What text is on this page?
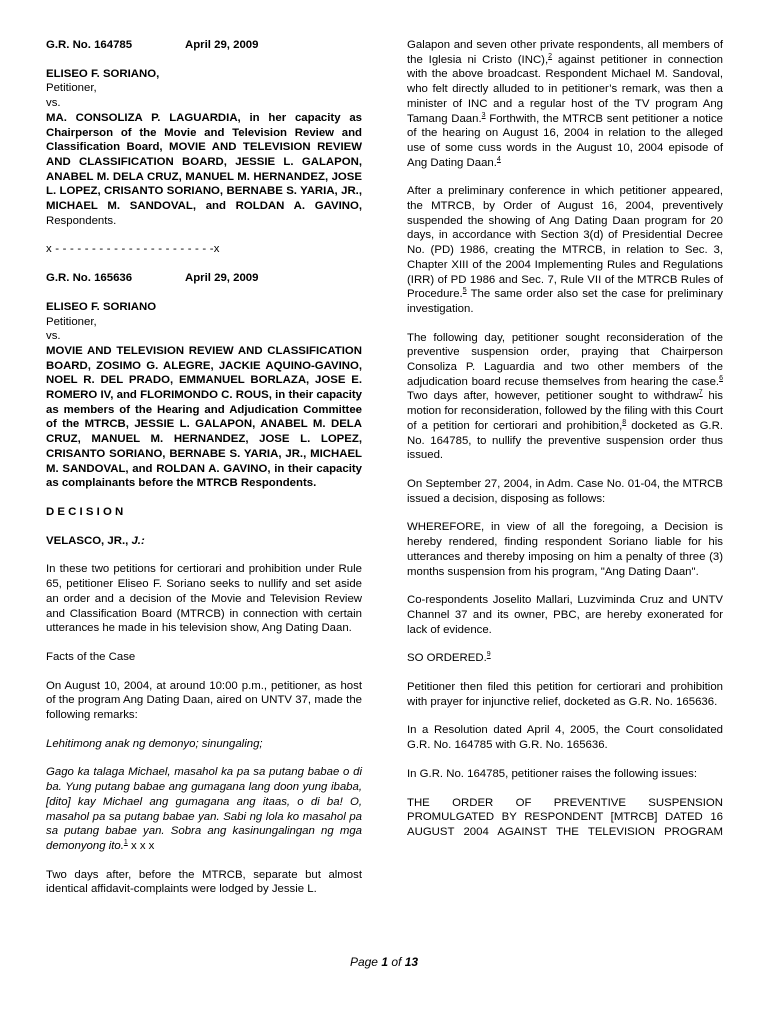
G.R. No. 164785	April 29, 2009

ELISEO F. SORIANO,

Petitioner,

vs.

MA. CONSOLIZA P. LAGUARDIA, in her capacity as Chairperson of the Movie and Television Review and Classification Board, MOVIE AND TELEVISION REVIEW AND CLASSIFICATION BOARD, JESSIE L. GALAPON, ANABEL M. DELA CRUZ, MANUEL M. HERNANDEZ, JOSE L. LOPEZ, CRISANTO SORIANO, BERNABE S. YARIA, JR., MICHAEL M. SANDOVAL, and ROLDAN A. GAVINO, Respondents.

x - - - - - - - - - - - - - - - - - - - - - -x

G.R. No. 165636	April 29, 2009

ELISEO F. SORIANO

Petitioner,

vs.

MOVIE AND TELEVISION REVIEW AND CLASSIFICATION BOARD, ZOSIMO G. ALEGRE, JACKIE AQUINO-GAVINO, NOEL R. DEL PRADO, EMMANUEL BORLAZA, JOSE E. ROMERO IV, and FLORIMONDO C. ROUS, in their capacity as members of the Hearing and Adjudication Committee of the MTRCB, JESSIE L. GALAPON, ANABEL M. DELA CRUZ, MANUEL M. HERNANDEZ, JOSE L. LOPEZ, CRISANTO SORIANO, BERNABE S. YARIA, JR., MICHAEL M. SANDOVAL, and ROLDAN A. GAVINO, in their capacity as complainants before the MTRCB Respondents.

D E C I S I O N

VELASCO, JR., J.:

In these two petitions for certiorari and prohibition under Rule 65, petitioner Eliseo F. Soriano seeks to nullify and set aside an order and a decision of the Movie and Television Review and Classification Board (MTRCB) in connection with certain utterances he made in his television show, Ang Dating Daan.

Facts of the Case

On August 10, 2004, at around 10:00 p.m., petitioner, as host of the program Ang Dating Daan, aired on UNTV 37, made the following remarks:

Lehitimong anak ng demonyo; sinungaling;

Gago ka talaga Michael, masahol ka pa sa putang babae o di ba. Yung putang babae ang gumagana lang doon yung ibaba, [dito] kay Michael ang gumagana ang itaas, o di ba! O, masahol pa sa putang babae yan. Sabi ng lola ko masahol pa sa putang babae yan. Sobra ang kasinungalingan ng mga demonyong ito.$^1$ x x x

Two days after, before the MTRCB, separate but almost identical affidavit-complaints were lodged by Jessie L.

Galapon and seven other private respondents, all members of the Iglesia ni Cristo (INC),$^2$ against petitioner in connection with the above broadcast. Respondent Michael M. Sandoval, who felt directly alluded to in petitioner’s remark, was then a minister of INC and a regular host of the TV program Ang Tamang Daan.$^3$ Forthwith, the MTRCB sent petitioner a notice of the hearing on August 16, 2004 in relation to the alleged use of some cuss words in the August 10, 2004 episode of Ang Dating Daan.$^4$

After a preliminary conference in which petitioner appeared, the MTRCB, by Order of August 16, 2004, preventively suspended the showing of Ang Dating Daan program for 20 days, in accordance with Section 3(d) of Presidential Decree No. (PD) 1986, creating the MTRCB, in relation to Sec. 3, Chapter XIII of the 2004 Implementing Rules and Regulations (IRR) of PD 1986 and Sec. 7, Rule VII of the MTRCB Rules of Procedure.$^5$ The same order also set the case for preliminary investigation.

The following day, petitioner sought reconsideration of the preventive suspension order, praying that Chairperson Consoliza P. Laguardia and two other members of the adjudication board recuse themselves from hearing the case.$^6$ Two days after, however, petitioner sought to withdraw$^7$ his motion for reconsideration, followed by the filing with this Court of a petition for certiorari and prohibition,$^8$ docketed as G.R. No. 164785, to nullify the preventive suspension order thus issued.

On September 27, 2004, in Adm. Case No. 01-04, the MTRCB issued a decision, disposing as follows:

WHEREFORE, in view of all the foregoing, a Decision is hereby rendered, finding respondent Soriano liable for his utterances and thereby imposing on him a penalty of three (3) months suspension from his program, "Ang Dating Daan".

Co-respondents Joselito Mallari, Luzviminda Cruz and UNTV Channel 37 and its owner, PBC, are hereby exonerated for lack of evidence.

SO ORDERED.$^9$

Petitioner then filed this petition for certiorari and prohibition with prayer for injunctive relief, docketed as G.R. No. 165636.

In a Resolution dated April 4, 2005, the Court consolidated G.R. No. 164785 with G.R. No. 165636.

In G.R. No. 164785, petitioner raises the following issues:

THE ORDER OF PREVENTIVE SUSPENSION PROMULGATED BY RESPONDENT [MTRCB] DATED 16 AUGUST 2004 AGAINST THE TELEVISION PROGRAM

Page 1 of 13
